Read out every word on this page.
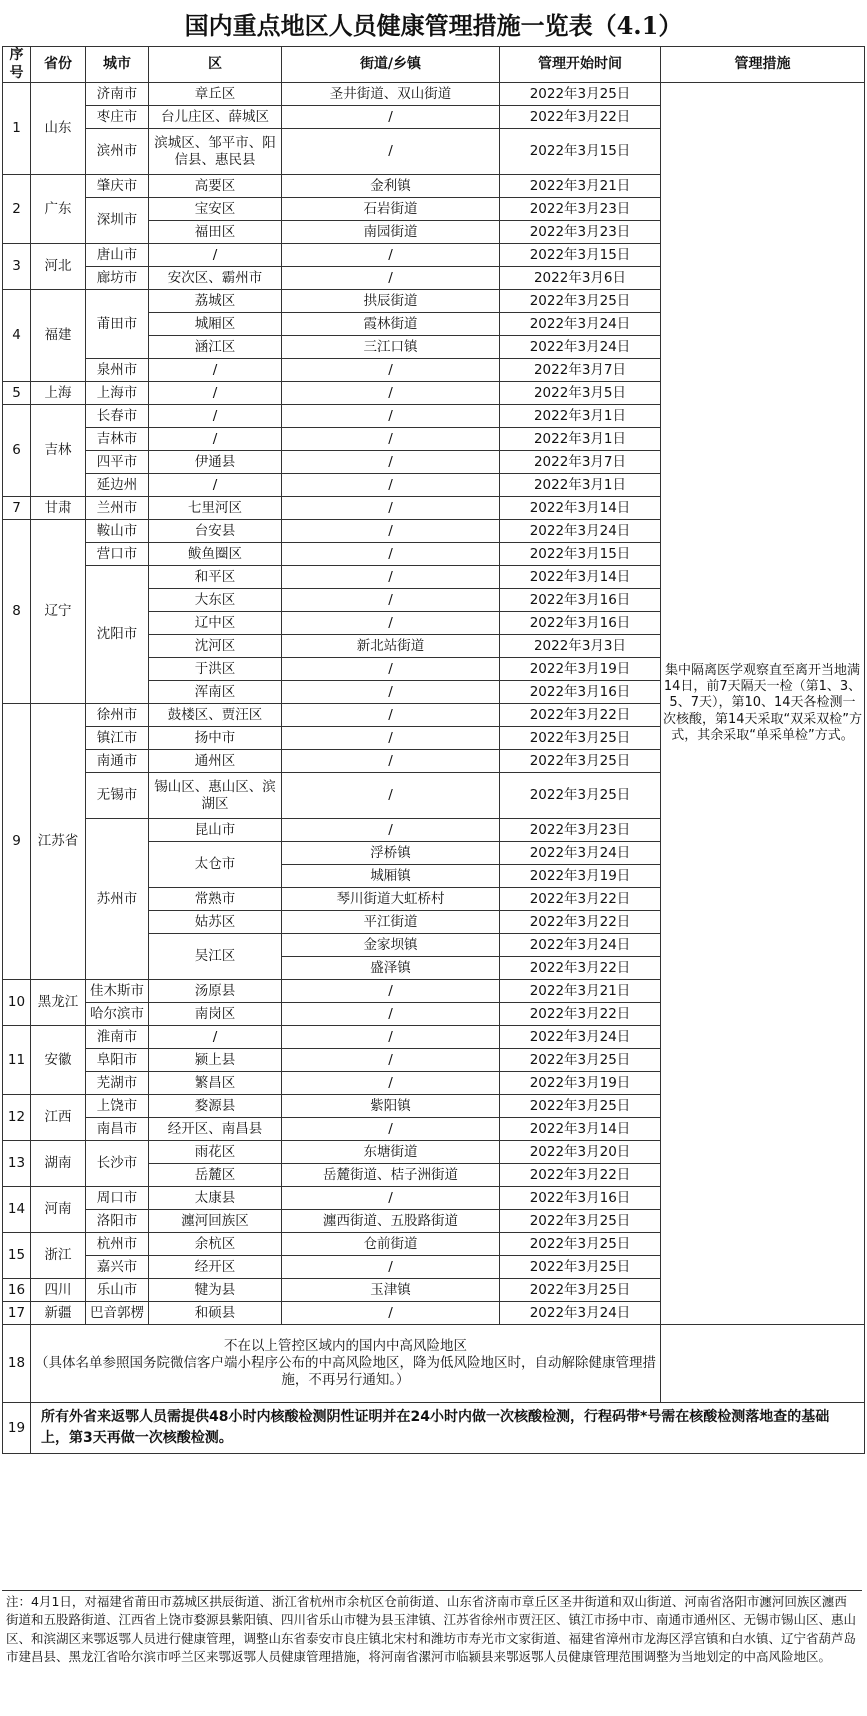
国内重点地区人员健康管理措施一览表（4.1）
序号	省份	城市	区	街道/乡镇	管理开始时间	管理措施
1	山东	济南市	章丘区	圣井街道、双山街道	2022年3月25日	集中隔离医学观察直至离开当地满14日，前7天隔天一检（第1、3、5、7天），第10、14天各检测一次核酸，第14天采取“双采双检”方式，其余采取“单采单检”方式。
		枣庄市	台儿庄区、薛城区	/	2022年3月22日	
		滨州市	滨城区、邹平市、阳信县、惠民县	/	2022年3月15日	
2	广东	肇庆市	高要区	金利镇	2022年3月21日	
		深圳市	宝安区	石岩街道	2022年3月23日	
			福田区	南园街道	2022年3月23日	
3	河北	唐山市	/	/	2022年3月15日	
		廊坊市	安次区、霸州市	/	2022年3月6日	
4	福建	莆田市	荔城区	拱辰街道	2022年3月25日	
			城厢区	霞林街道	2022年3月24日	
			涵江区	三江口镇	2022年3月24日	
		泉州市	/	/	2022年3月7日	
5	上海	上海市	/	/	2022年3月5日	
6	吉林	长春市	/	/	2022年3月1日	
		吉林市	/	/	2022年3月1日	
		四平市	伊通县	/	2022年3月7日	
		延边州	/	/	2022年3月1日	
7	甘肃	兰州市	七里河区	/	2022年3月14日	
8	辽宁	鞍山市	台安县	/	2022年3月24日	
		营口市	鲅鱼圈区	/	2022年3月15日	
		沈阳市	和平区	/	2022年3月14日	
			大东区	/	2022年3月16日	
			辽中区	/	2022年3月16日	
			沈河区	新北站街道	2022年3月3日	
			于洪区	/	2022年3月19日	
			浑南区	/	2022年3月16日	
9	江苏省	徐州市	鼓楼区、贾汪区	/	2022年3月22日	
		镇江市	扬中市	/	2022年3月25日	
		南通市	通州区	/	2022年3月25日	
		无锡市	锡山区、惠山区、滨湖区	/	2022年3月25日	
		苏州市	昆山市	/	2022年3月23日	
			太仓市	浮桥镇	2022年3月24日	
				城厢镇	2022年3月19日	
			常熟市	琴川街道大虹桥村	2022年3月22日	
			姑苏区	平江街道	2022年3月22日	
			吴江区	金家坝镇	2022年3月24日	
				盛泽镇	2022年3月22日	
10	黑龙江	佳木斯市	汤原县	/	2022年3月21日	
		哈尔滨市	南岗区	/	2022年3月22日	
11	安徽	淮南市	/	/	2022年3月24日	
		阜阳市	颍上县	/	2022年3月25日	
		芜湖市	繁昌区	/	2022年3月19日	
12	江西	上饶市	婺源县	紫阳镇	2022年3月25日	
		南昌市	经开区、南昌县	/	2022年3月14日	
13	湖南	长沙市	雨花区	东塘街道	2022年3月20日	
			岳麓区	岳麓街道、桔子洲街道	2022年3月22日	
14	河南	周口市	太康县	/	2022年3月16日	
		洛阳市	瀍河回族区	瀍西街道、五股路街道	2022年3月25日	
15	浙江	杭州市	余杭区	仓前街道	2022年3月25日	
		嘉兴市	经开区	/	2022年3月25日	
16	四川	乐山市	犍为县	玉津镇	2022年3月25日	
17	新疆	巴音郭楞	和硕县	/	2022年3月24日	
18	不在以上管控区域内的国内中高风险地区
（具体名单参照国务院微信客户端小程序公布的中高风险地区，降为低风险地区时，自动解除健康管理措施，不再另行通知。）					

19	所有外省来返鄂人员需提供48小时内核酸检测阴性证明并在24小时内做一次核酸检测，行程码带*号需在核酸检测落地查的基础上，第3天再做一次核酸检测。					
注：4月1日，对福建省莆田市荔城区拱辰街道、浙江省杭州市余杭区仓前街道、山东省济南市章丘区圣井街道和双山街道、河南省洛阳市瀍河回族区瀍西街道和五股路街道、江西省上饶市婺源县紫阳镇、四川省乐山市犍为县玉津镇、江苏省徐州市贾汪区、镇江市扬中市、南通市通州区、无锡市锡山区、惠山区、和滨湖区来鄂返鄂人员进行健康管理，调整山东省泰安市良庄镇北宋村和潍坊市寿光市文家街道、福建省漳州市龙海区浮宫镇和白水镇、辽宁省葫芦岛市建昌县、黑龙江省哈尔滨市呼兰区来鄂返鄂人员健康管理措施，将河南省漯河市临颍县来鄂返鄂人员健康管理范围调整为当地划定的中高风险地区。
